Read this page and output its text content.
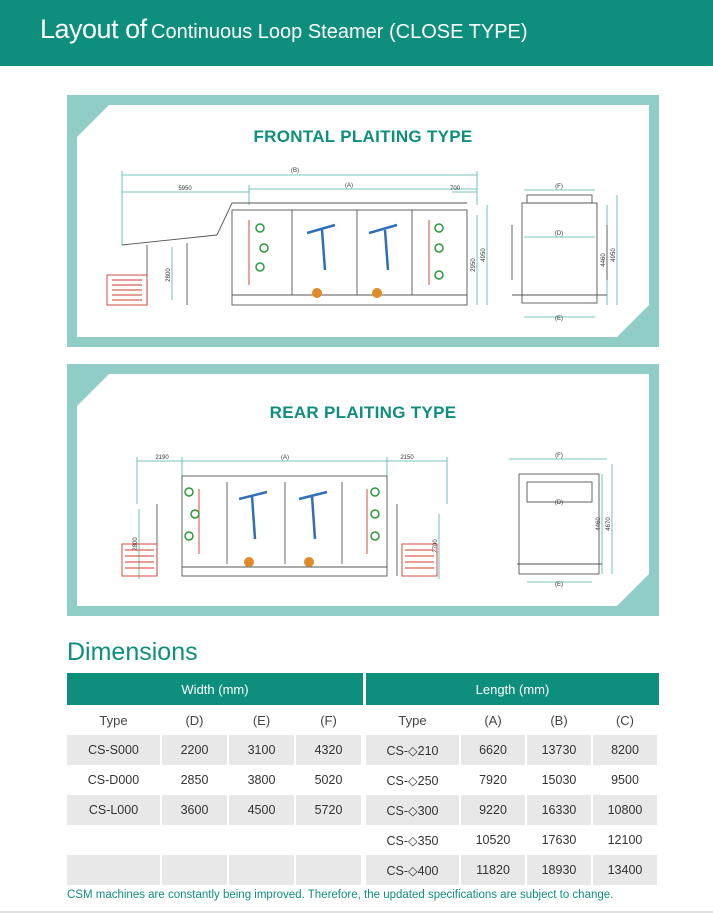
Layout of Continuous Loop Steamer (CLOSE TYPE)
FRONTAL PLAITING TYPE
(B)
(A)
5950	700
2800
2950
4950
(F)
(D)
(E)
4460 4950
REAR PLAITING TYPE
2190	(A)	2150
2800	2700
(F)
(D)
(E)
4460 4670
Dimensions
Width (mm)				Length (mm)			
Type	(D)	(E)	(F)	Type	(A)	(B)	(C)
CS-S000	2200	3100	4320	CS-◇210	6620	13730	8200
CS-D000	2850	3800	5020	CS-◇250	7920	15030	9500
CS-L000	3600	4500	5720	CS-◇300	9220	16330	10800
				CS-◇350	10520	17630	12100
				CS-◇400	11820	18930	13400
CSM machines are constantly being improved. Therefore, the updated specifications are subject to change.
